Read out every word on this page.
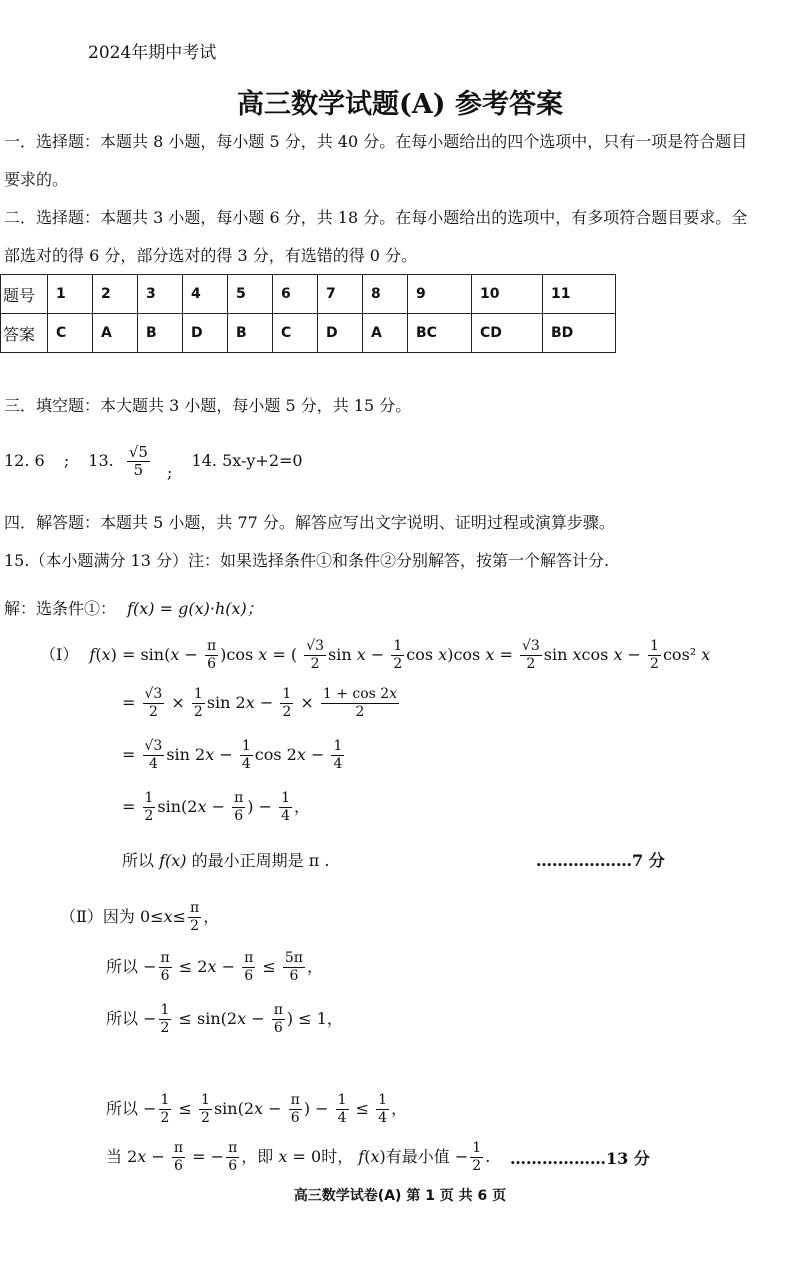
2024年期中考试
高三数学试题(A) 参考答案
一．选择题：本题共 8 小题，每小题 5 分，共 40 分。在每小题给出的四个选项中，只有一项是符合题目
要求的。
二．选择题：本题共 3 小题，每小题 6 分，共 18 分。在每小题给出的选项中，有多项符合题目要求。全
部选对的得 6 分，部分选对的得 3 分，有选错的得 0 分。
题号	1	2	3	4	5	6	7	8	9	10	11
答案	C	A	B	D	B	C	D	A	BC	CD	BD
三．填空题：本大题共 3 小题，每小题 5 分，共 15 分。
12. 6 ; 13. $\frac{√5}{5}$ ; 14. 5x-y+2=0
四．解答题：本题共 5 小题，共 77 分。解答应写出文字说明、证明过程或演算步骤。
15.（本小题满分 13 分）注：如果选择条件①和条件②分别解答，按第一个解答计分.
解：选条件①： f(x) = g(x)·h(x)；
（Ⅰ） $f(x) = \sin(x - \frac{\pi}{6} )\cos$ x = ( $\frac{√3}{2}$ $\sin x - \frac{1}{2}$ cos x)cos $x = \frac{√3}{2}$ sin xcos $x - \frac{1}{2} \cos^2$ x
= $\frac{√3}{2} \times \frac{1}{2}$ $\sin 2x - \frac{1}{2} \times \frac{1 + \cos 2x}{2}$
= $\frac{√3}{4}$ $\sin 2x - \frac{1}{4}$ $\cos 2x - \frac{1}{4}$
= $\frac{1}{2} \sin(2x - \frac{\pi}{6}$ ) − $\frac{1}{4}$ ，
所以 f(x) 的最小正周期是 π .	………………7 分
（Ⅱ）因为 $0\le x\le \frac{\pi}{2}$ ，
所以 − $\frac{\pi}{6} \le 2x - \frac{\pi}{6} \le \frac{5\pi}{6}$ ，
所以 − $\frac{1}{2} \le \sin(2x - \frac{\pi}{6}$ ) ≤ 1，
所以 − $\frac{1}{2} \le \frac{1}{2} \sin(2x - \frac{\pi}{6}$ ) − $\frac{1}{4} \le \frac{1}{4}$ ，
当 $2x - \frac{\pi}{6}$ = − $\frac{\pi}{6}$ ，即 x = 0时， f(x)有最小值 − $\frac{1}{2}$ . ………………13 分
高三数学试卷(A) 第 1 页 共 6 页
